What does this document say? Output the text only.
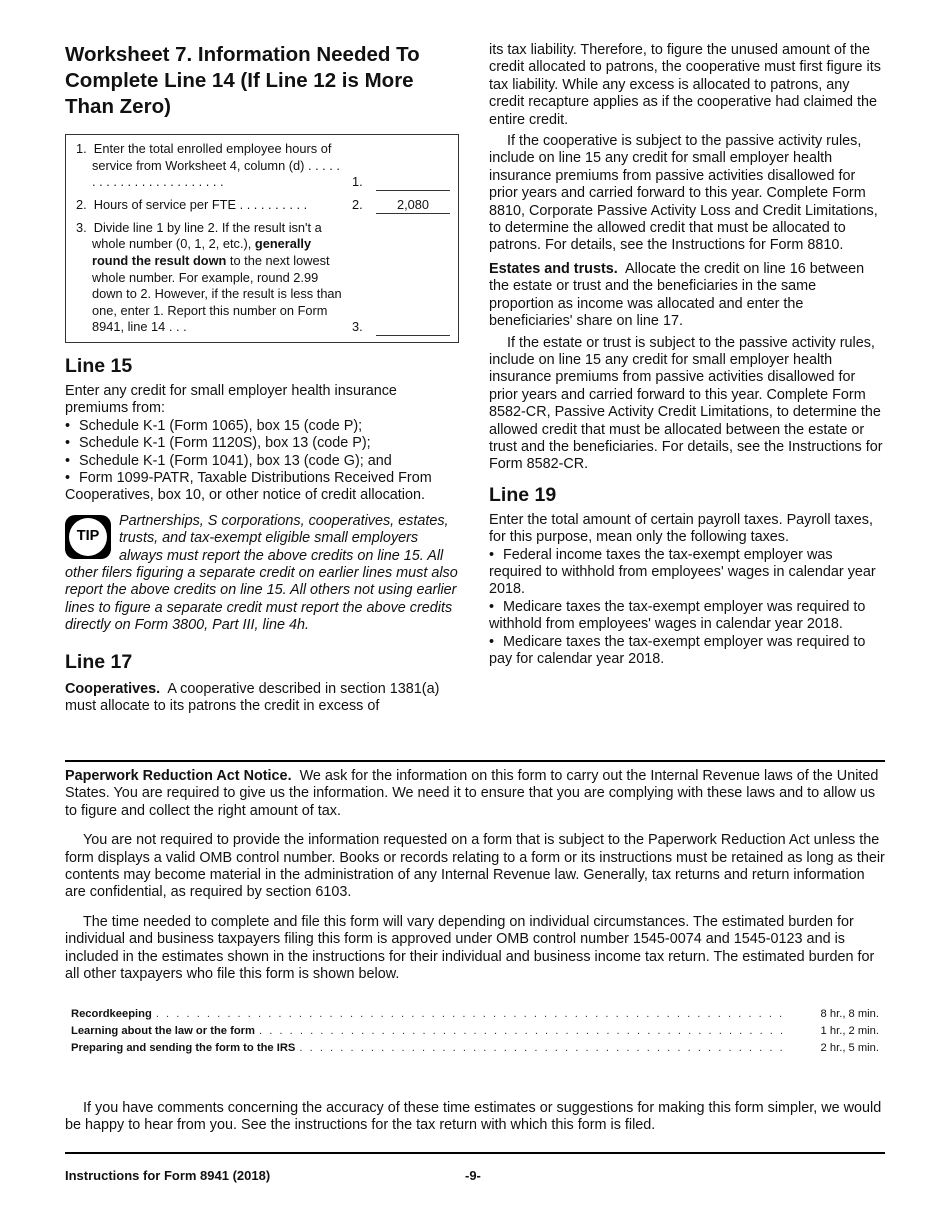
Worksheet 7. Information Needed To Complete Line 14 (If Line 12 is More Than Zero)
1.  Enter the total enrolled employee hours of service from Worksheet 4, column (d) . . . . . . . . . . . . . . . . . . . . . . . .	1.
2.  Hours of service per FTE . . . . . . . . . .	2.	2,080
3.  Divide line 1 by line 2. If the result isn't a whole number (0, 1, 2, etc.), generally round the result down to the next lowest whole number. For example, round 2.99 down to 2. However, if the result is less than one, enter 1. Report this number on Form 8941, line 14 . . .	3.
Line 15

Enter any credit for small employer health insurance premiums from:

• Schedule K-1 (Form 1065), box 15 (code P);

• Schedule K-1 (Form 1120S), box 13 (code P);

• Schedule K-1 (Form 1041), box 13 (code G); and

• Form 1099-PATR, Taxable Distributions Received From Cooperatives, box 10, or other notice of credit allocation.

TIP
Partnerships, S corporations, cooperatives, estates, trusts, and tax-exempt eligible small employers always must report the above credits on line 15. All other filers figuring a separate credit on earlier lines must also report the above credits on line 15. All others not using earlier lines to figure a separate credit must report the above credits directly on Form 3800, Part III, line 4h.
Line 17

Cooperatives. A cooperative described in section 1381(a) must allocate to its patrons the credit in excess of

its tax liability. Therefore, to figure the unused amount of the credit allocated to patrons, the cooperative must first figure its tax liability. While any excess is allocated to patrons, any credit recapture applies as if the cooperative had claimed the entire credit.

If the cooperative is subject to the passive activity rules, include on line 15 any credit for small employer health insurance premiums from passive activities disallowed for prior years and carried forward to this year. Complete Form 8810, Corporate Passive Activity Loss and Credit Limitations, to determine the allowed credit that must be allocated to patrons. For details, see the Instructions for Form 8810.

Estates and trusts. Allocate the credit on line 16 between the estate or trust and the beneficiaries in the same proportion as income was allocated and enter the beneficiaries' share on line 17.

If the estate or trust is subject to the passive activity rules, include on line 15 any credit for small employer health insurance premiums from passive activities disallowed for prior years and carried forward to this year. Complete Form 8582-CR, Passive Activity Credit Limitations, to determine the allowed credit that must be allocated between the estate or trust and the beneficiaries. For details, see the Instructions for Form 8582-CR.

Line 19

Enter the total amount of certain payroll taxes. Payroll taxes, for this purpose, mean only the following taxes.

• Federal income taxes the tax-exempt employer was required to withhold from employees' wages in calendar year 2018.

• Medicare taxes the tax-exempt employer was required to withhold from employees' wages in calendar year 2018.

• Medicare taxes the tax-exempt employer was required to pay for calendar year 2018.

Paperwork Reduction Act Notice. We ask for the information on this form to carry out the Internal Revenue laws of the United States. You are required to give us the information. We need it to ensure that you are complying with these laws and to allow us to figure and collect the right amount of tax.

You are not required to provide the information requested on a form that is subject to the Paperwork Reduction Act unless the form displays a valid OMB control number. Books or records relating to a form or its instructions must be retained as long as their contents may become material in the administration of any Internal Revenue law. Generally, tax returns and return information are confidential, as required by section 6103.

The time needed to complete and file this form will vary depending on individual circumstances. The estimated burden for individual and business taxpayers filing this form is approved under OMB control number 1545-0074 and 1545-0123 and is included in the estimates shown in the instructions for their individual and business income tax return. The estimated burden for all other taxpayers who file this form is shown below.

Recordkeeping . . .	8 hr., 8 min.
Learning about the law or the form . . .	1 hr., 2 min.
Preparing and sending the form to the IRS . . .	2 hr., 5 min.

If you have comments concerning the accuracy of these time estimates or suggestions for making this form simpler, we would be happy to hear from you. See the instructions for the tax return with which this form is filed.

Instructions for Form 8941 (2018)	-9-
